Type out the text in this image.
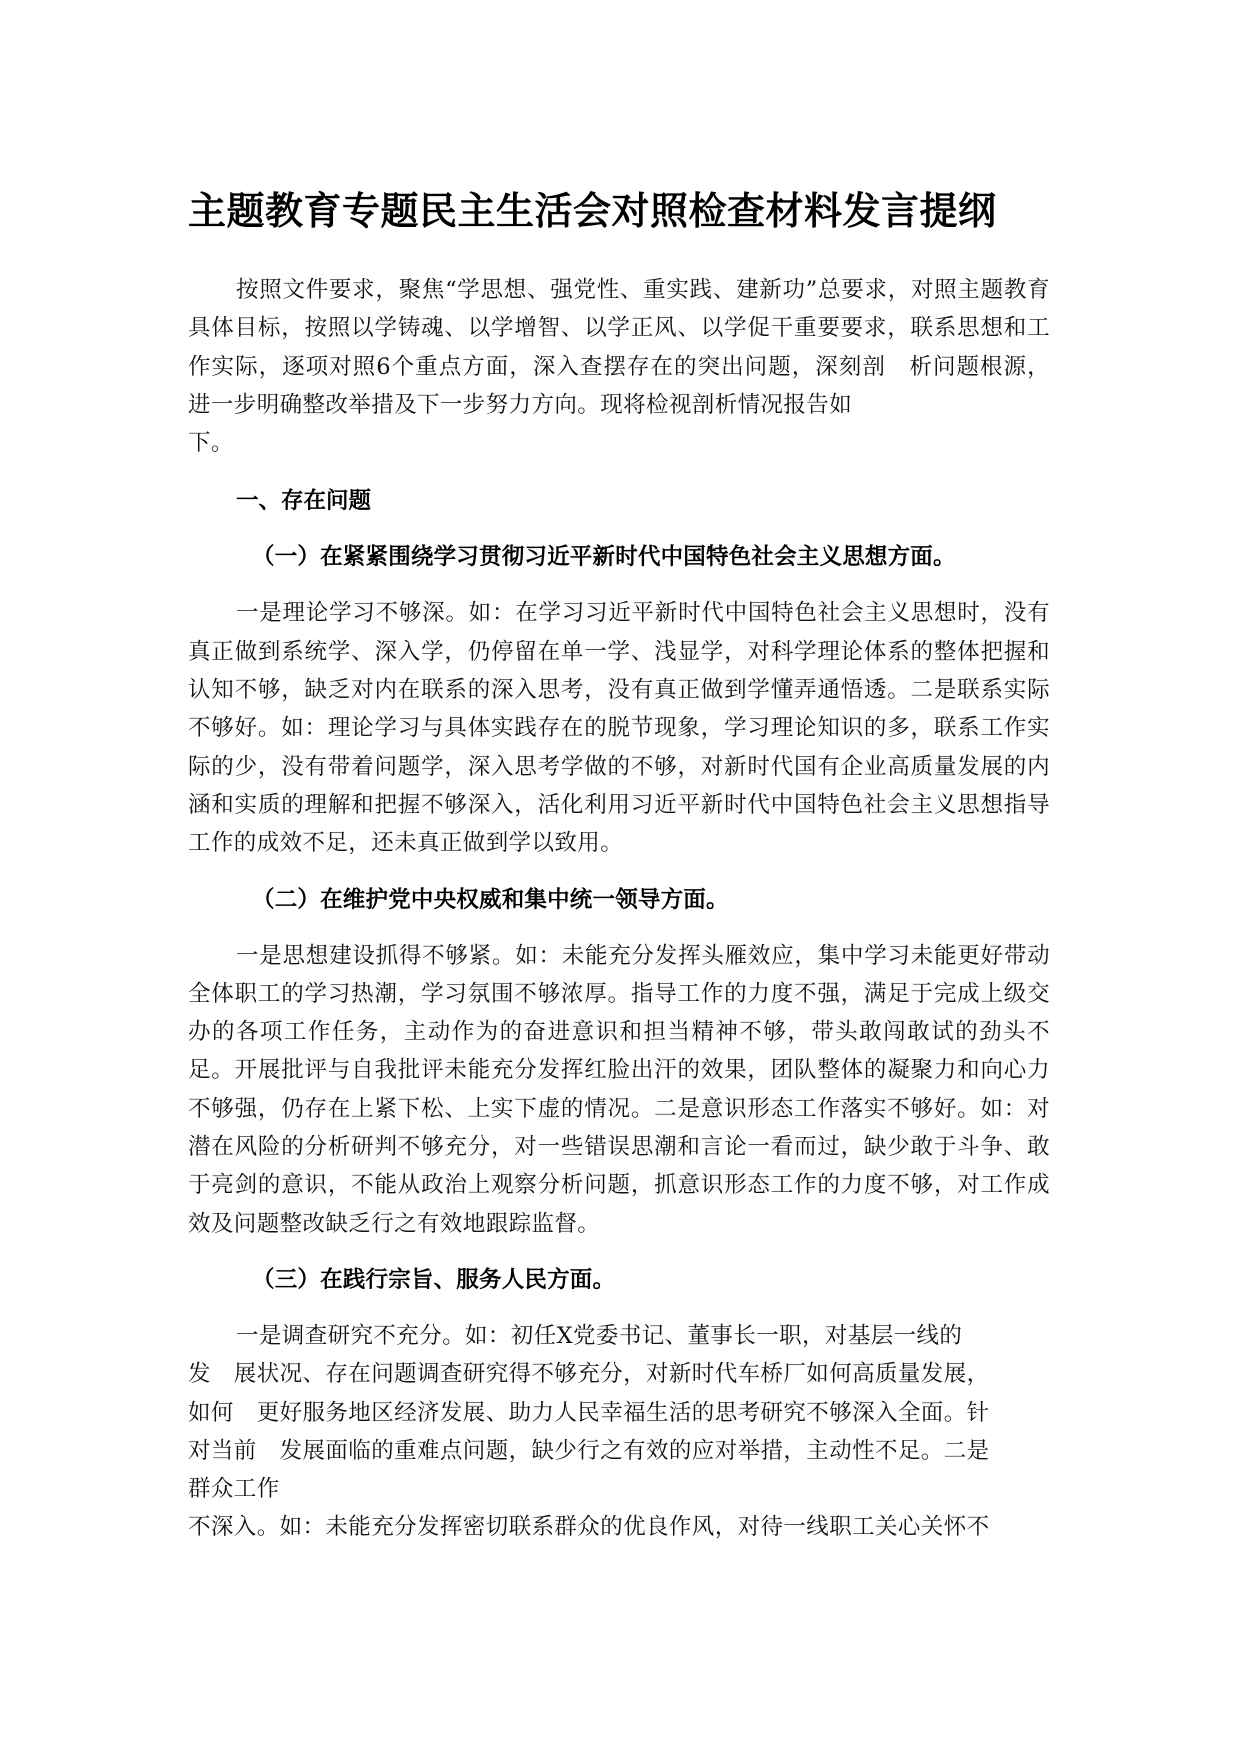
主题教育专题民主生活会对照检查材料发言提纲

按照文件要求，聚焦“学思想、强党性、重实践、建新功”总要求，对照主题教育具体目标，按照以学铸魂、以学增智、以学正风、以学促干重要要求，联系思想和工作实际，逐项对照6个重点方面，深入查摆存在的突出问题，深刻剖　析问题根源，进一步明确整改举措及下一步努力方向。现将检视剖析情况报告如

下。

一、存在问题
（一）在紧紧围绕学习贯彻习近平新时代中国特色社会主义思想方面。

一是理论学习不够深。如：在学习习近平新时代中国特色社会主义思想时，没有真正做到系统学、深入学，仍停留在单一学、浅显学，对科学理论体系的整体把握和认知不够，缺乏对内在联系的深入思考，没有真正做到学懂弄通悟透。二是联系实际不够好。如：理论学习与具体实践存在的脱节现象，学习理论知识的多，联系工作实际的少，没有带着问题学，深入思考学做的不够，对新时代国有企业高质量发展的内涵和实质的理解和把握不够深入，活化利用习近平新时代中国特色社会主义思想指导工作的成效不足，还未真正做到学以致用。

（二）在维护党中央权威和集中统一领导方面。

一是思想建设抓得不够紧。如：未能充分发挥头雁效应，集中学习未能更好带动全体职工的学习热潮，学习氛围不够浓厚。指导工作的力度不强，满足于完成上级交办的各项工作任务，主动作为的奋进意识和担当精神不够，带头敢闯敢试的劲头不足。开展批评与自我批评未能充分发挥红脸出汗的效果，团队整体的凝聚力和向心力不够强，仍存在上紧下松、上实下虚的情况。二是意识形态工作落实不够好。如：对潜在风险的分析研判不够充分，对一些错误思潮和言论一看而过，缺少敢于斗争、敢于亮剑的意识，不能从政治上观察分析问题，抓意识形态工作的力度不够，对工作成效及问题整改缺乏行之有效地跟踪监督。

（三）在践行宗旨、服务人民方面。

一是调查研究不充分。如：初任X党委书记、董事长一职，对基层一线的
发　展状况、存在问题调查研究得不够充分，对新时代车桥厂如何高质量发展，
如何　更好服务地区经济发展、助力人民幸福生活的思考研究不够深入全面。针
对当前　发展面临的重难点问题，缺少行之有效的应对举措，主动性不足。二是
群众工作
不深入。如：未能充分发挥密切联系群众的优良作风，对待一线职工关心关怀不
